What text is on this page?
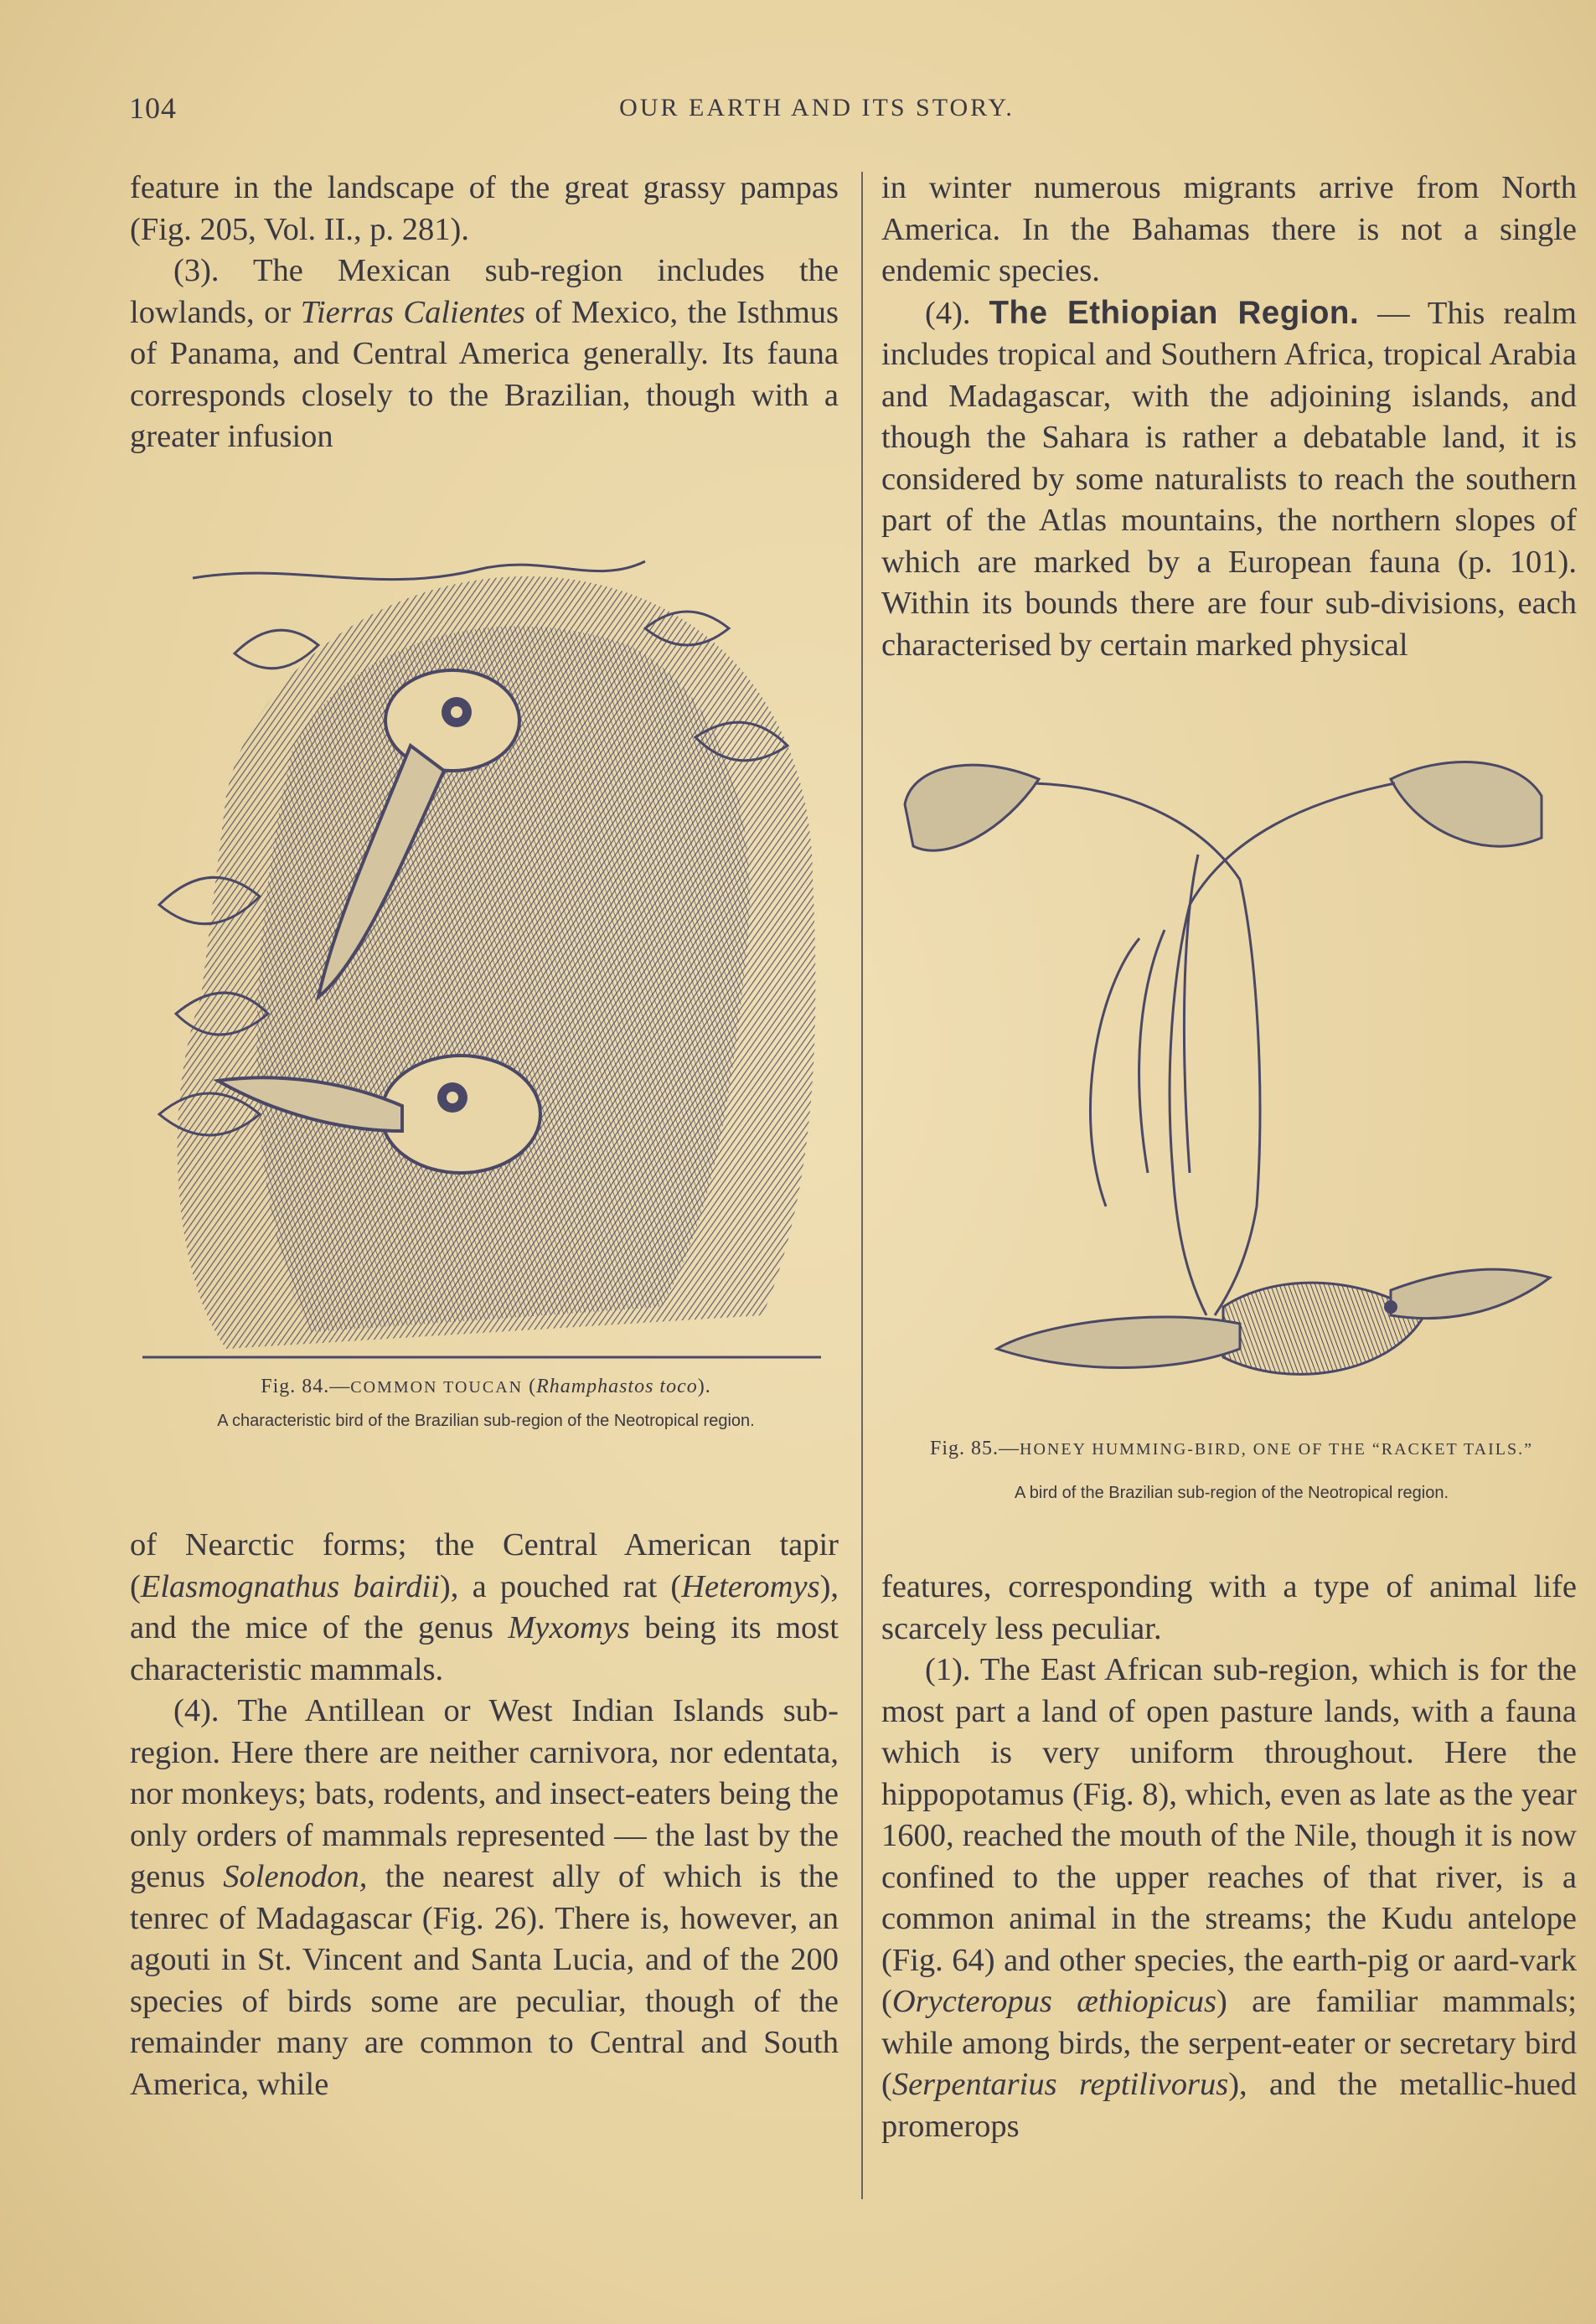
104	OUR EARTH AND ITS STORY.

feature in the landscape of the great grassy pampas (Fig. 205, Vol. II., p. 281).

(3). The Mexican sub-region includes the lowlands, or Tierras Calientes of Mexico, the Isthmus of Panama, and Central America generally. Its fauna corresponds closely to the Brazilian, though with a greater infusion

Fig. 84.—COMMON TOUCAN (Rhamphastos toco).
A characteristic bird of the Brazilian sub-region of the Neotropical region.

of Nearctic forms; the Central American tapir (Elasmognathus bairdii), a pouched rat (Heteromys), and the mice of the genus Myxomys being its most characteristic mammals.

(4). The Antillean or West Indian Islands sub-region. Here there are neither carnivora, nor edentata, nor monkeys; bats, rodents, and insect-eaters being the only orders of mammals represented — the last by the genus Solenodon, the nearest ally of which is the tenrec of Madagascar (Fig. 26). There is, however, an agouti in St. Vincent and Santa Lucia, and of the 200 species of birds some are peculiar, though of the remainder many are common to Central and South America, while

in winter numerous migrants arrive from North America. In the Bahamas there is not a single endemic species.

(4). The Ethiopian Region. — This realm includes tropical and Southern Africa, tropical Arabia and Madagascar, with the adjoining islands, and though the Sahara is rather a debatable land, it is considered by some naturalists to reach the southern part of the Atlas mountains, the northern slopes of which are marked by a European fauna (p. 101). Within its bounds there are four sub-divisions, each characterised by certain marked physical

Fig. 85.—HONEY HUMMING-BIRD, ONE OF THE “RACKET TAILS.”
A bird of the Brazilian sub-region of the Neotropical region.

features, corresponding with a type of animal life scarcely less peculiar.

(1). The East African sub-region, which is for the most part a land of open pasture lands, with a fauna which is very uniform throughout. Here the hippopotamus (Fig. 8), which, even as late as the year 1600, reached the mouth of the Nile, though it is now confined to the upper reaches of that river, is a common animal in the streams; the Kudu antelope (Fig. 64) and other species, the earth-pig or aard-vark (Orycteropus æthiopicus) are familiar mammals; while among birds, the serpent-eater or secretary bird (Serpentarius reptilivorus), and the metallic-hued promerops
